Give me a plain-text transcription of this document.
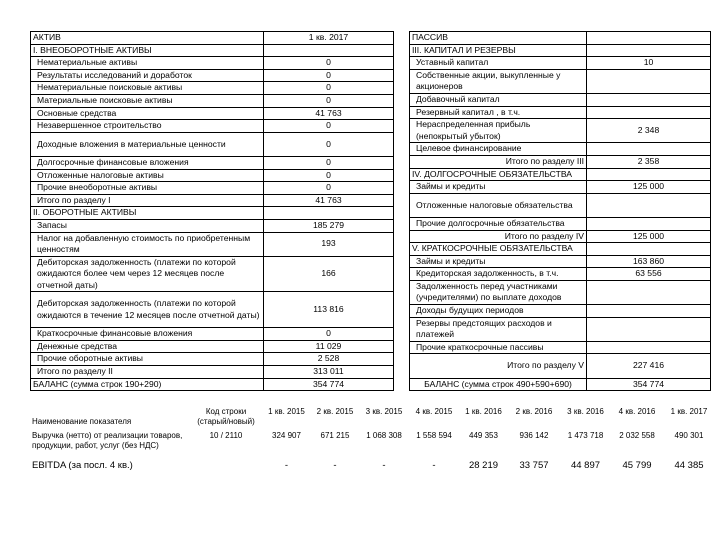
АКТИВ	1 кв. 2017
I. ВНЕОБОРОТНЫЕ АКТИВЫ	
Нематериальные активы	0
Результаты исследований и доработок	0
Нематериальные поисковые активы	0
Материальные поисковые активы	0
Основные средства	41 763
Незавершенное строительство	0
Доходные вложения в материальные ценности	0
Долгосрочные финансовые вложения	0
Отложенные налоговые активы	0
Прочие внеоборотные активы	0
Итого по разделу I	41 763
II. ОБОРОТНЫЕ АКТИВЫ	
Запасы	185 279
Налог на добавленную стоимость по приобретенным ценностям	193
Дебиторская задолженность (платежи по которой ожидаются более чем через 12 месяцев после отчетной даты)	166
Дебиторская задолженность (платежи по которой ожидаются в течение 12 месяцев после отчетной даты)	113 816
Краткосрочные финансовые вложения	0
Денежные средства	11 029
Прочие оборотные активы	2 528
Итого по разделу II	313 011
БАЛАНС (сумма строк 190+290)	354 774
ПАССИВ	
III. КАПИТАЛ И РЕЗЕРВЫ	
Уставный капитал	10
Собственные акции, выкупленные у акционеров	
Добавочный капитал	
Резервный капитал , в т.ч.	
Нераспределенная прибыль (непокрытый убыток)	2 348
Целевое финансирование	
Итого по разделу III	2 358
IV. ДОЛГОСРОЧНЫЕ ОБЯЗАТЕЛЬСТВА	
Займы и кредиты	125 000
Отложенные налоговые обязательства	
Прочие долгосрочные обязательства	
Итого по разделу IV	125 000
V. КРАТКОСРОЧНЫЕ ОБЯЗАТЕЛЬСТВА	
Займы и кредиты	163 860
Кредиторская задолженность, в т.ч.	63 556
Задолженность перед участниками (учредителями) по выплате доходов	
Доходы будущих периодов	
Резервы предстоящих расходов и платежей	
Прочие краткосрочные пассивы	
Итого по разделу V	227 416
БАЛАНС (сумма строк 490+590+690)	354 774
Наименование показателя	Код строки (старый/новый)	1 кв. 2015	2 кв. 2015	3 кв. 2015	4 кв. 2015	1 кв. 2016	2 кв. 2016	3 кв. 2016	4 кв. 2016	1 кв. 2017
Выручка (нетто) от реализации товаров, продукции, работ, услуг (без НДС)	10 / 2110	324 907	671 215	1 068 308	1 558 594	449 353	936 142	1 473 718	2 032 558	490 301
EBITDA (за посл. 4 кв.)		-	-	-	-	28 219	33 757	44 897	45 799	44 385
